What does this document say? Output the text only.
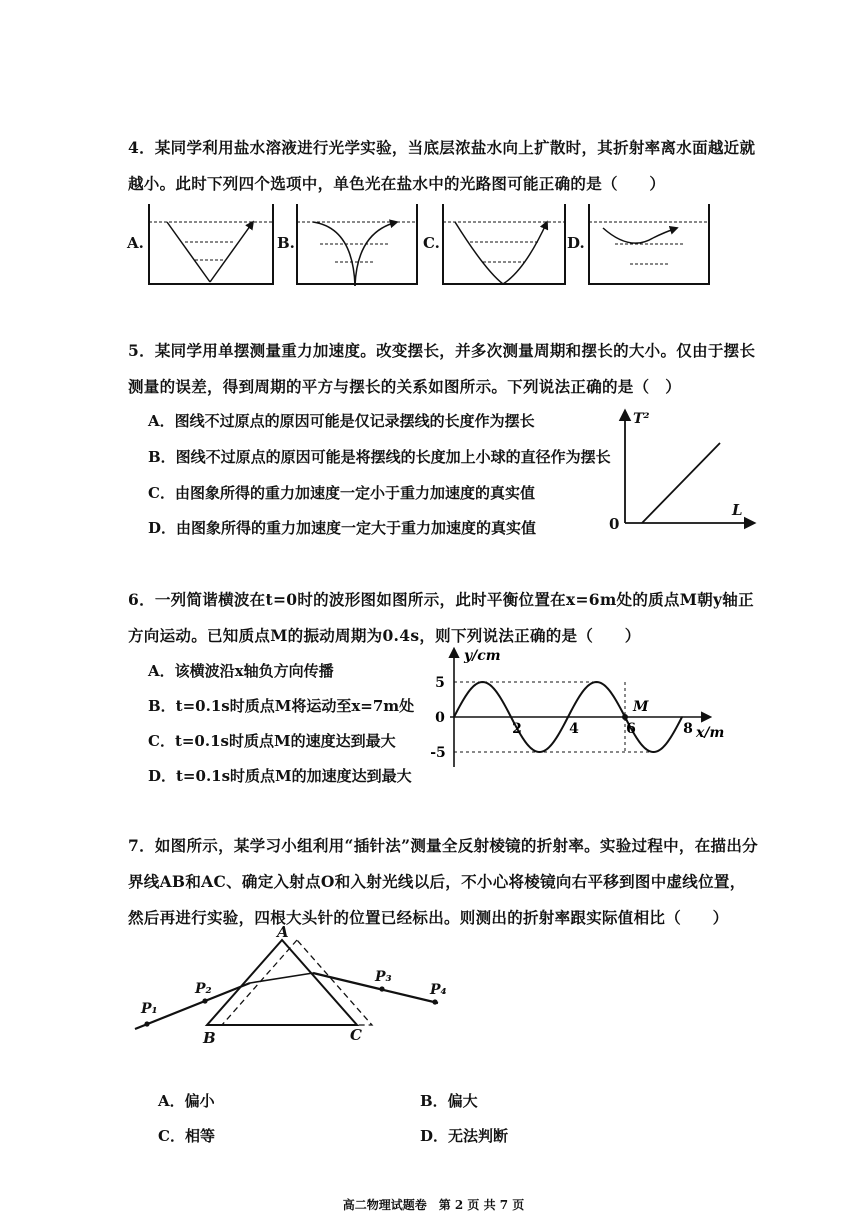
4．某同学利用盐水溶液进行光学实验，当底层浓盐水向上扩散时，其折射率离水面越近就
越小。此时下列四个选项中，单色光在盐水中的光路图可能正确的是（　　）
A.	B.	C.	D.
5．某同学用单摆测量重力加速度。改变摆长，并多次测量周期和摆长的大小。仅由于摆长
测量的误差，得到周期的平方与摆长的关系如图所示。下列说法正确的是（　）
A．图线不过原点的原因可能是仅记录摆线的长度作为摆长
B．图线不过原点的原因可能是将摆线的长度加上小球的直径作为摆长
C．由图象所得的重力加速度一定小于重力加速度的真实值
D．由图象所得的重力加速度一定大于重力加速度的真实值
T²
L
0
6．一列简谐横波在t=0时的波形图如图所示，此时平衡位置在x=6m处的质点M朝y轴正
方向运动。已知质点M的振动周期为0.4s，则下列说法正确的是（　　）
A．该横波沿x轴负方向传播
B．t=0.1s时质点M将运动至x=7m处
C．t=0.1s时质点M的速度达到最大
D．t=0.1s时质点M的加速度达到最大
2	4	6	8
5
0
-5
y/cm
x/m
M
7．如图所示，某学习小组利用“插针法”测量全反射棱镜的折射率。实验过程中，在描出分
界线AB和AC、确定入射点O和入射光线以后，不小心将棱镜向右平移到图中虚线位置，
然后再进行实验，四根大头针的位置已经标出。则测出的折射率跟实际值相比（　　）
A
B	C
P₁
P₂
P₃
P₄
A．偏小	B．偏大
C．相等	D．无法判断
高二物理试题卷　第 2 页 共 7 页
